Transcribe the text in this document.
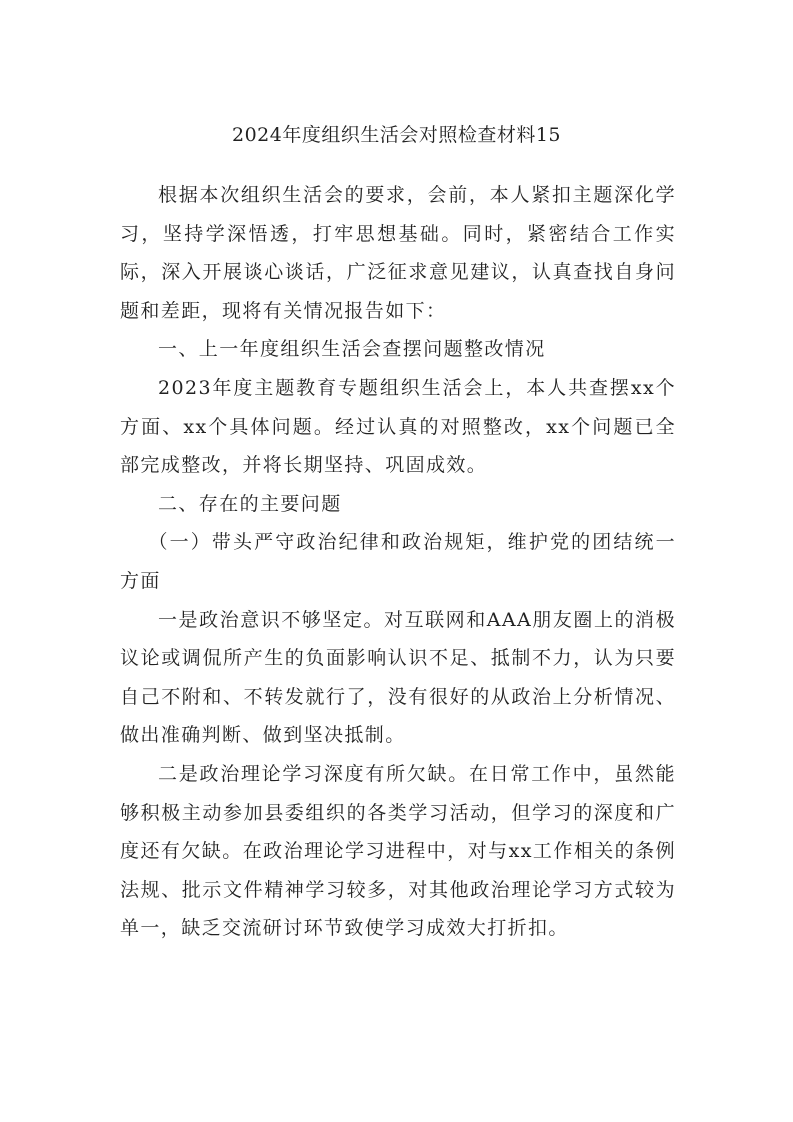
2024年度组织生活会对照检查材料15

根据本次组织生活会的要求，会前，本人紧扣主题深化学习，坚持学深悟透，打牢思想基础。同时，紧密结合工作实际，深入开展谈心谈话，广泛征求意见建议，认真查找自身问题和差距，现将有关情况报告如下：

一、上一年度组织生活会查摆问题整改情况

2023年度主题教育专题组织生活会上，本人共查摆xx个方面、xx个具体问题。经过认真的对照整改，xx个问题已全部完成整改，并将长期坚持、巩固成效。

二、存在的主要问题

（一）带头严守政治纪律和政治规矩，维护党的团结统一方面

一是政治意识不够坚定。对互联网和AAA朋友圈上的消极议论或调侃所产生的负面影响认识不足、抵制不力，认为只要自己不附和、不转发就行了，没有很好的从政治上分析情况、做出准确判断、做到坚决抵制。

二是政治理论学习深度有所欠缺。在日常工作中，虽然能够积极主动参加县委组织的各类学习活动，但学习的深度和广度还有欠缺。在政治理论学习进程中，对与xx工作相关的条例法规、批示文件精神学习较多，对其他政治理论学习方式较为单一，缺乏交流研讨环节致使学习成效大打折扣。
